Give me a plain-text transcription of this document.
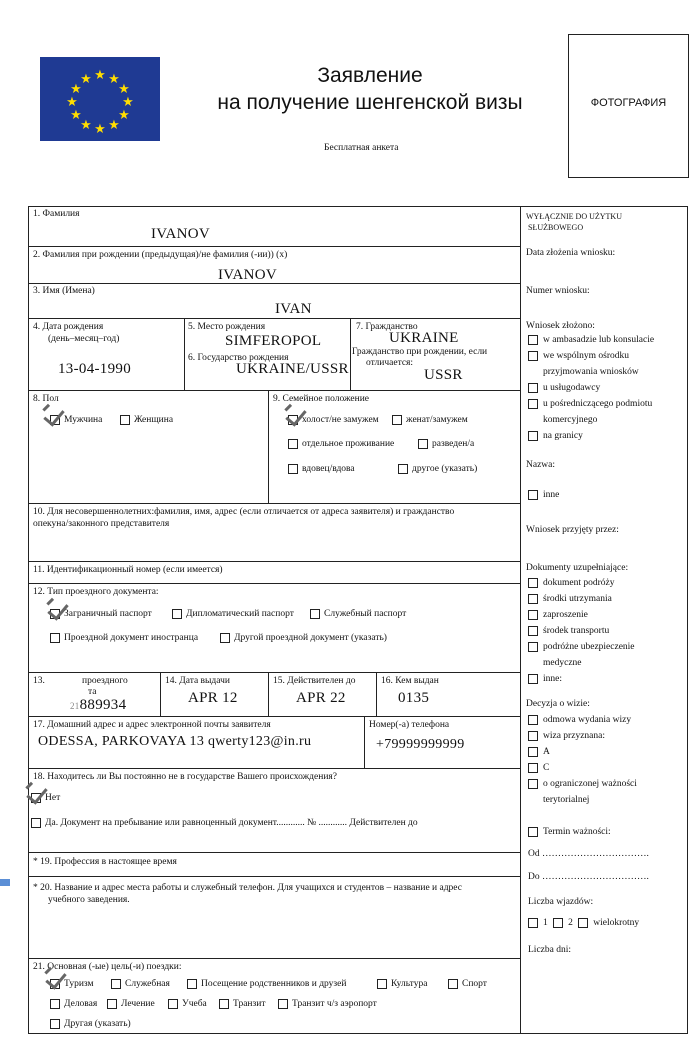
★ ★
★
★
★
★
★
★
★
★
★
★	Заявление
на получение шенгенской визы
Бесплатная анкета
ФОТОГРАФИЯ
1. Фамилия
IVANOV
2. Фамилия при рождении (предыдущая)/не фамилия (-ии)) (х)
IVANOV
3. Имя (Имена)
IVAN
4. Дата рождения
(день–месяц–год)
13-04-1990
5. Место рождения
SIMFEROPOL
6. Государство рождения
UKRAINE/USSR
7. Гражданство
UKRAINE
Гражданство при рождении, если
отличается:
USSR
8. Пол
Мужчина	Женщина
9. Семейное положение
холост/не замужем	женат/замужем
отдельное проживание	разведен/а
вдовец/вдова	другое (указать)
10. Для несовершеннолетних:фамилия, имя, адрес (если отличается от адреса заявителя) и гражданство
опекуна/законного представителя
11. Идентификационный номер (если имеется)
12. Тип проездного документа:
Заграничный паспорт	Дипломатический паспорт	Служебный паспорт
Проездной документ иностранца	Другой проездной документ (указать)
13.	проездного
та
21889934
14. Дата выдачи
APR 12
15. Действителен до
APR 22
16. Кем выдан
0135
17. Домашний адрес и адрес электронной почты заявителя
ODESSA, PARKOVAYA 13 qwerty123@in.ru
Номер(-а) телефона
+79999999999
18. Находитесь ли Вы постоянно не в государстве Вашего происхождения?
Нет
Да. Документ на пребывание или равноценный документ............ № ............ Действителен до
* 19. Профессия в настоящее время
* 20. Название и адрес места работы и служебный телефон. Для учащихся и студентов – название и адрес
учебного заведения.
21. Основная (-ые) цель(-и) поездки:
Туризм	Служебная	Посещение родственников и друзей	Культура	Спорт
Деловая	Лечение	Учеба	Транзит	Транзит ч/з аэропорт
Другая (указать)
WYŁĄCZNIE DO UŻYTKU
SŁUŻBOWEGO
Data złożenia wniosku:
Numer wniosku:
Wniosek złożono:
w ambasadzie lub konsulacie
we wspólnym ośrodku
przyjmowania wniosków
u usługodawcy
u pośredniczącego podmiotu
komercyjnego
na granicy
Nazwa:
inne
Wniosek przyjęty przez:
Dokumenty uzupełniające:
dokument podróży
środki utrzymania
zaproszenie
środek transportu
podróżne ubezpieczenie
medyczne
inne:
Decyzja o wizie:
odmowa wydania wizy
wiza przyznana:
A
C
o ograniczonej ważności
terytorialnej
Termin ważności:
Od …………………………….
Do …………………………….
Liczba wjazdów:
1 2 wielokrotny
Liczba dni:
